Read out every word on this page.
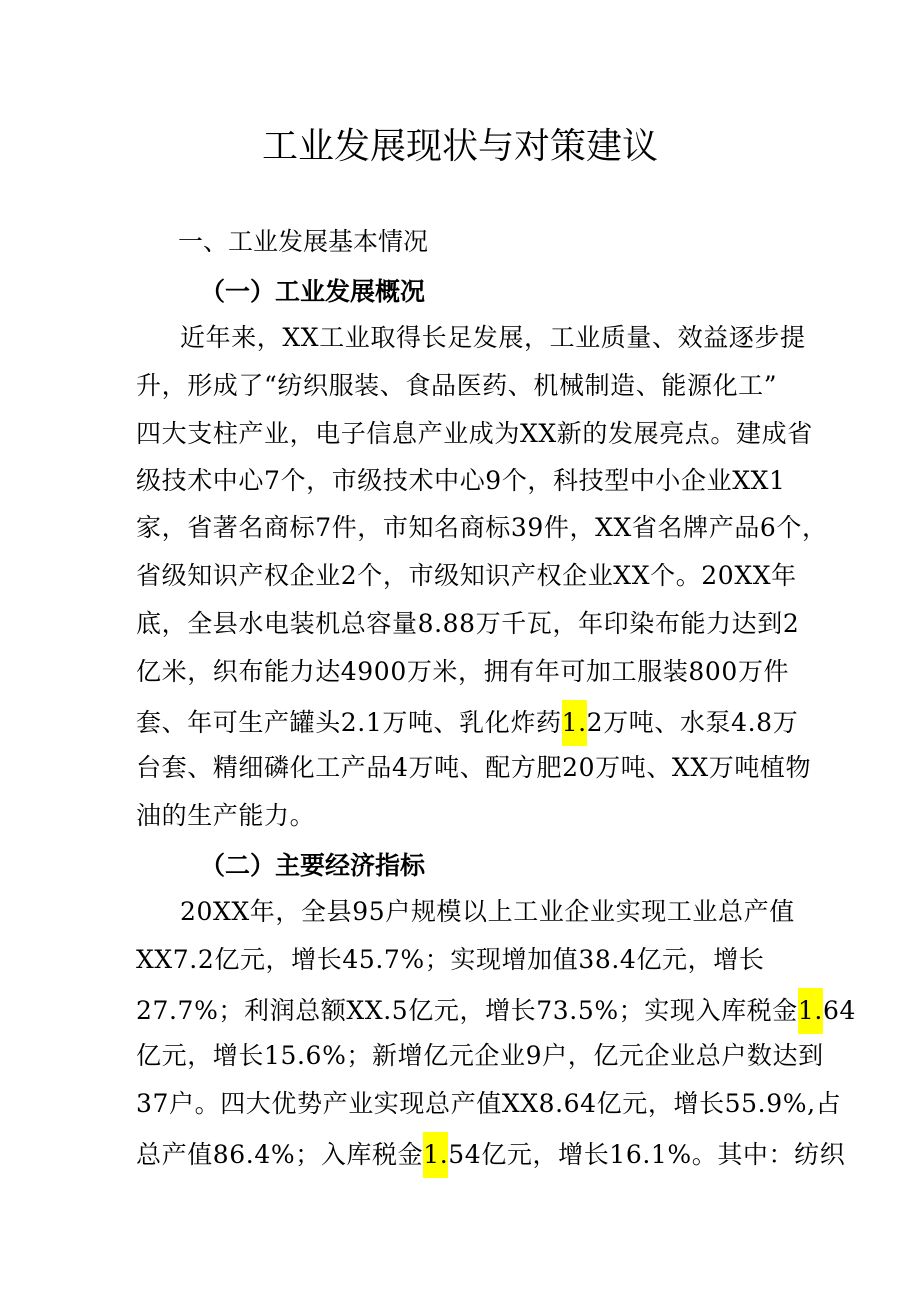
工业发展现状与对策建议
一、工业发展基本情况
（一）工业发展概况

近年来，XX工业取得长足发展，工业质量、效益逐步提

升，形成了“纺织服装、食品医药、机械制造、能源化工”

四大支柱产业，电子信息产业成为XX新的发展亮点。建成省

级技术中心7个，市级技术中心9个，科技型中小企业XX1

家，省著名商标7件，市知名商标39件，XX省名牌产品6个，

省级知识产权企业2个，市级知识产权企业XX个。20XX年

底，全县水电装机总容量8.88万千瓦，年印染布能力达到2

亿米，织布能力达4900万米，拥有年可加工服装800万件

套、年可生产罐头2.1万吨、乳化炸药1.2万吨、水泵4.8万

台套、精细磷化工产品4万吨、配方肥20万吨、XX万吨植物

油的生产能力。

（二）主要经济指标

20XX年，全县95户规模以上工业企业实现工业总产值

XX7.2亿元，增长45.7%；实现增加值38.4亿元，增长

27.7%；利润总额XX.5亿元，增长73.5%；实现入库税金1.64

亿元，增长15.6%；新增亿元企业9户，亿元企业总户数达到

37户。四大优势产业实现总产值XX8.64亿元，增长55.9%,占

总产值86.4%；入库税金1.54亿元，增长16.1%。其中：纺织
